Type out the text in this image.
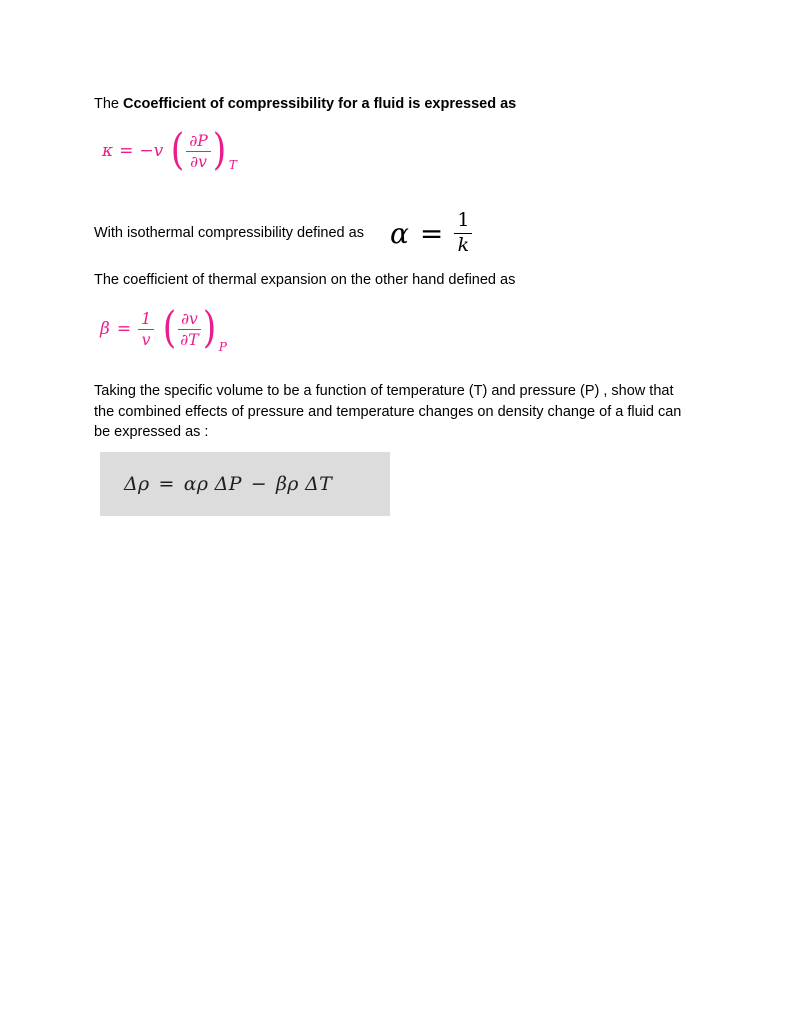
The Ccoefficient of compressibility for a fluid is expressed as

κ = −v ( $\frac{\partial P}{\partial v}$ ) T
With isothermal compressibility defined as $\alpha = \frac{1}{k}$

The coefficient of thermal expansion on the other hand defined as

$\beta = \frac{1}{v}$ ( $\frac{\partial v}{\partial T}$ ) P

Taking the specific volume to be a function of temperature (T) and pressure (P) , show that the combined effects of pressure and temperature changes on density change of a fluid can be expressed as :

Δρ = αρ ΔP − βρ ΔT
